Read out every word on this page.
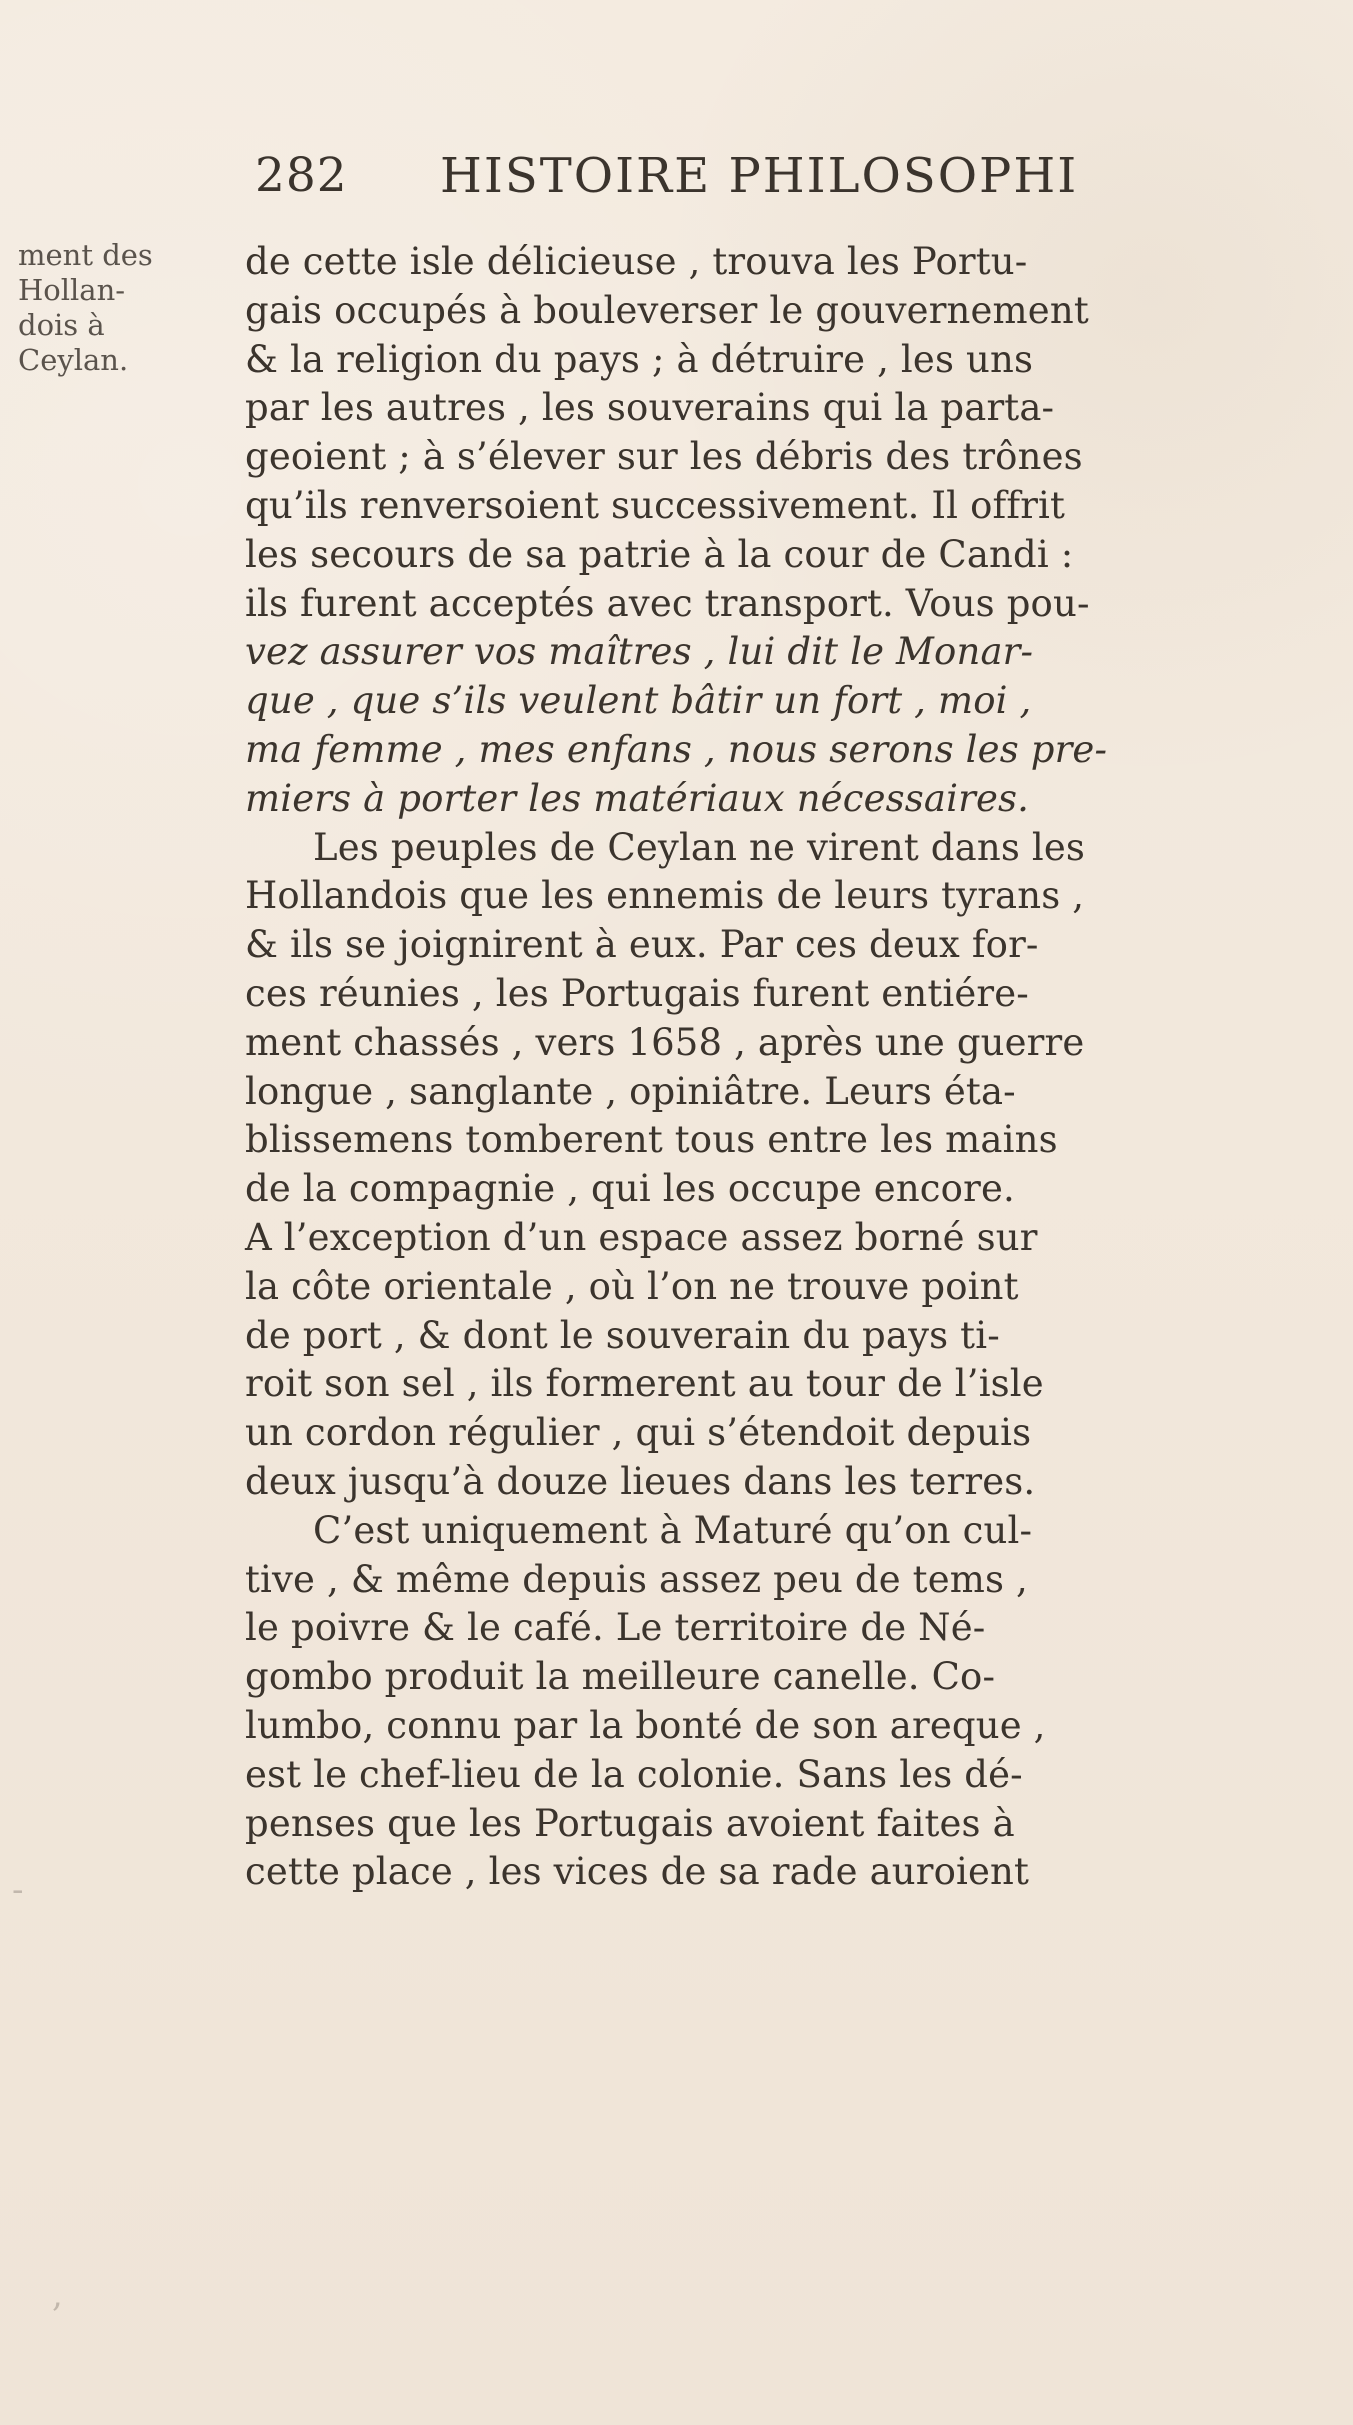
282 HISTOIRE PHILOSOPHI
ment des
Hollan-
dois à
Ceylan.
de cette isle délicieuse , trouva les Portu-
gais occupés à bouleverser le gouvernement
& la religion du pays ; à détruire , les uns
par les autres , les souverains qui la parta-
geoient ; à s’élever sur les débris des trônes
qu’ils renversoient successivement. Il offrit
les secours de sa patrie à la cour de Candi :
ils furent acceptés avec transport. Vous pou-
vez assurer vos maîtres , lui dit le Monar-
que , que s’ils veulent bâtir un fort , moi ,
ma femme , mes enfans , nous serons les pre-
miers à porter les matériaux nécessaires.
Les peuples de Ceylan ne virent dans les
Hollandois que les ennemis de leurs tyrans ,
& ils se joignirent à eux. Par ces deux for-
ces réunies , les Portugais furent entiére-
ment chassés , vers 1658 , après une guerre
longue , sanglante , opiniâtre. Leurs éta-
blissemens tomberent tous entre les mains
de la compagnie , qui les occupe encore.
A l’exception d’un espace assez borné sur
la côte orientale , où l’on ne trouve point
de port , & dont le souverain du pays ti-
roit son sel , ils formerent au tour de l’isle
un cordon régulier , qui s’étendoit depuis
deux jusqu’à douze lieues dans les terres.
C’est uniquement à Maturé qu’on cul-
tive , & même depuis assez peu de tems ,
le poivre & le café. Le territoire de Né-
gombo produit la meilleure canelle. Co-
lumbo, connu par la bonté de son areque ,
est le chef-lieu de la colonie. Sans les dé-
penses que les Portugais avoient faites à
cette place , les vices de sa rade auroient
-
,
